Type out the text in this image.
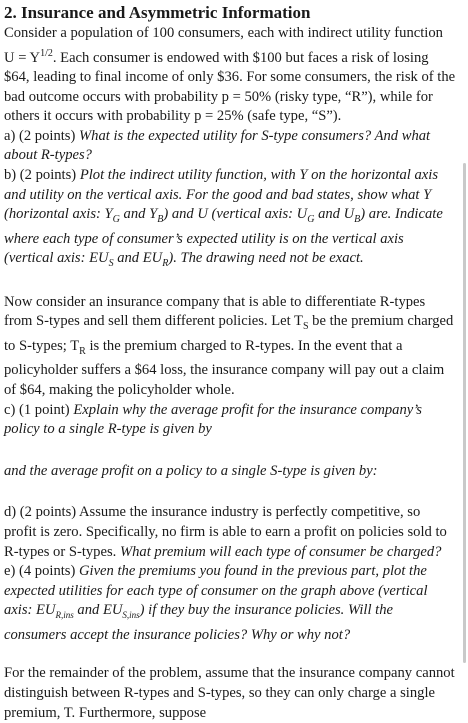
2. Insurance and Asymmetric Information

Consider a population of 100 consumers, each with indirect utility function $U = Y^{1/2}$. Each consumer is endowed with $100 but faces a risk of losing $64, leading to final income of only $36. For some consumers, the risk of the bad outcome occurs with probability p = 50% (risky type, “R”), while for others it occurs with probability p = 25% (safe type, “S”).

a) (2 points) What is the expected utility for S-type consumers? And what about R-types?

b) (2 points) Plot the indirect utility function, with Y on the horizontal axis and utility on the vertical axis. For the good and bad states, show what Y (horizontal axis: $Y_G$ and $Y_B$) and U (vertical axis: $U_G$ and $U_B$) are. Indicate where each type of consumer’s expected utility is on the vertical axis (vertical axis: $EU_S$ and $EU_R$). The drawing need not be exact.

Now consider an insurance company that is able to differentiate R-types from S-types and sell them different policies. Let $T_S$ be the premium charged to S-types; $T_R$ is the premium charged to R-types. In the event that a policyholder suffers a $64 loss, the insurance company will pay out a claim of $64, making the policyholder whole.

c) (1 point) Explain why the average profit for the insurance company’s policy to a single R-type is given by

and the average profit on a policy to a single S-type is given by:

d) (2 points) Assume the insurance industry is perfectly competitive, so profit is zero. Specifically, no firm is able to earn a profit on policies sold to R-types or S-types. What premium will each type of consumer be charged?

e) (4 points) Given the premiums you found in the previous part, plot the expected utilities for each type of consumer on the graph above (vertical axis: $EU_{R,ins}$ and $EU_{S,ins}$) if they buy the insurance policies. Will the consumers accept the insurance policies? Why or why not?

For the remainder of the problem, assume that the insurance company cannot distinguish between R-types and S-types, so they can only charge a single premium, T. Furthermore, suppose
